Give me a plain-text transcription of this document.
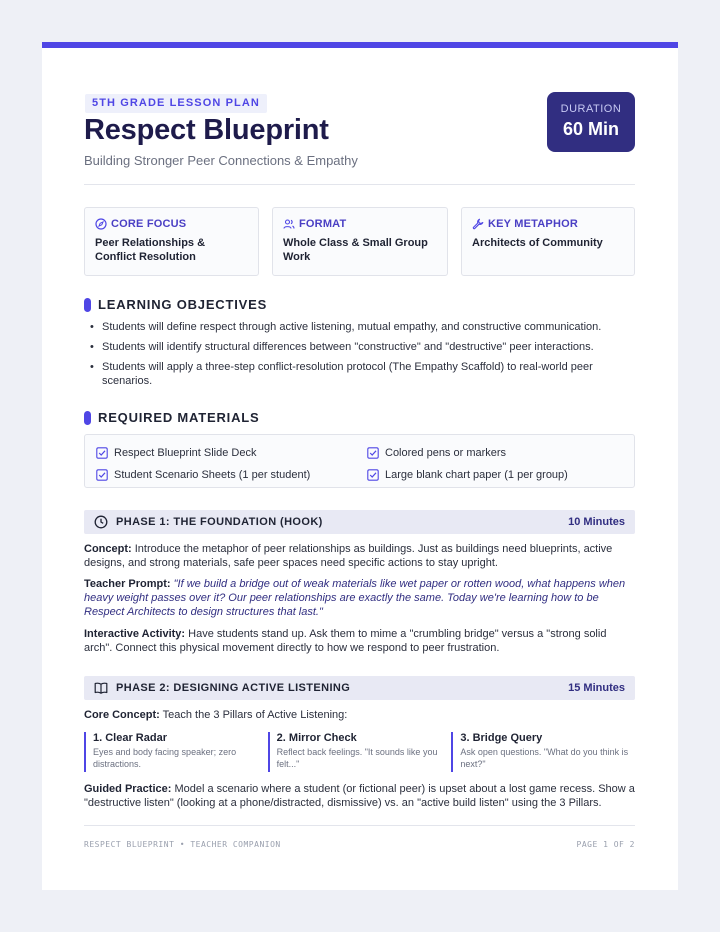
5TH GRADE LESSON PLAN
Respect Blueprint
Building Stronger Peer Connections & Empathy
DURATION
60 Min
CORE FOCUS
Peer Relationships & Conflict Resolution
FORMAT
Whole Class & Small Group Work
KEY METAPHOR
Architects of Community
LEARNING OBJECTIVES
• Students will define respect through active listening, mutual empathy, and constructive communication.
• Students will identify structural differences between "constructive" and "destructive" peer interactions.
• Students will apply a three-step conflict-resolution protocol (The Empathy Scaffold) to real-world peer scenarios.
REQUIRED MATERIALS
Respect Blueprint Slide Deck	Colored pens or markers
Student Scenario Sheets (1 per student)	Large blank chart paper (1 per group)
PHASE 1: THE FOUNDATION (HOOK)	10 Minutes
Concept: Introduce the metaphor of peer relationships as buildings. Just as buildings need blueprints, active designs, and strong materials, safe peer spaces need specific actions to stay upright.
Teacher Prompt: "If we build a bridge out of weak materials like wet paper or rotten wood, what happens when heavy weight passes over it? Our peer relationships are exactly the same. Today we're learning how to be Respect Architects to design structures that last."
Interactive Activity: Have students stand up. Ask them to mime a "crumbling bridge" versus a "strong solid arch". Connect this physical movement directly to how we respond to peer frustration.
PHASE 2: DESIGNING ACTIVE LISTENING	15 Minutes
Core Concept: Teach the 3 Pillars of Active Listening:
1. Clear Radar
Eyes and body facing speaker; zero distractions.
2. Mirror Check
Reflect back feelings. "It sounds like you felt..."
3. Bridge Query
Ask open questions. "What do you think is next?"
Guided Practice: Model a scenario where a student (or fictional peer) is upset about a lost game recess. Show a "destructive listen" (looking at a phone/distracted, dismissive) vs. an "active build listen" using the 3 Pillars.
RESPECT BLUEPRINT • TEACHER COMPANION	PAGE 1 OF 2
